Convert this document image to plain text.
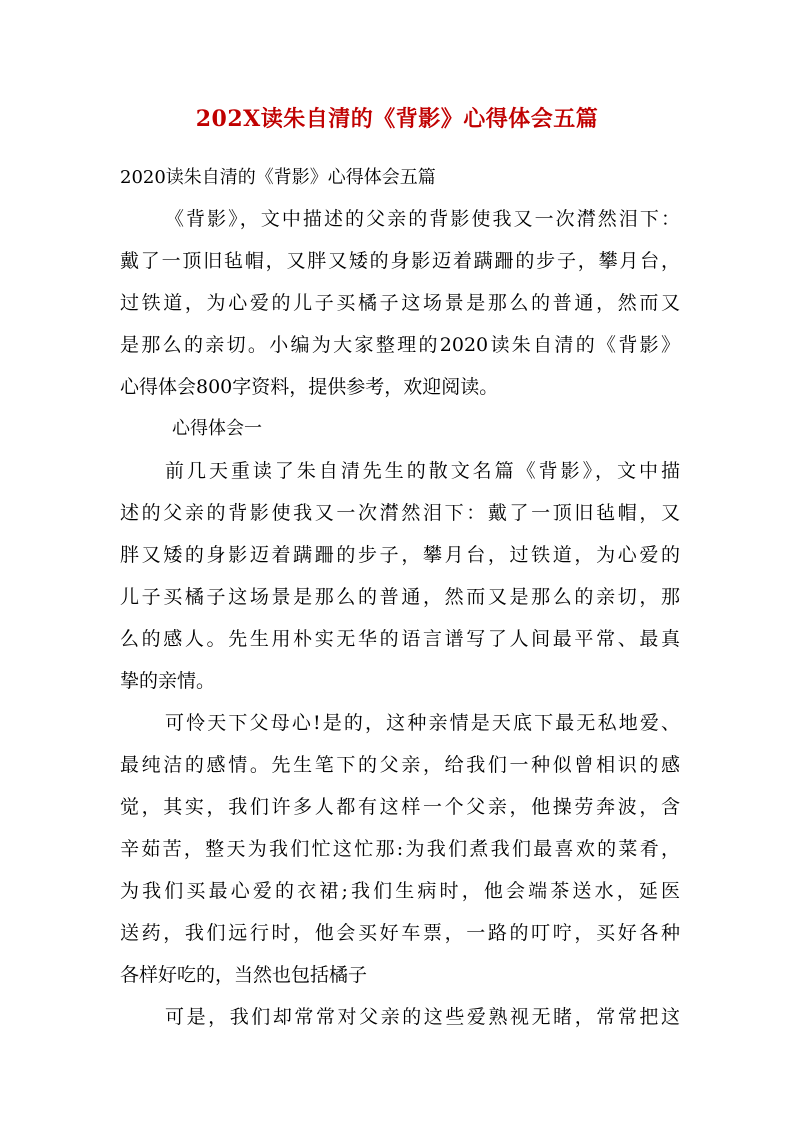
202X读朱自清的《背影》心得体会五篇
2020读朱自清的《背影》心得体会五篇
《背影》，文中描述的父亲的背影使我又一次潸然泪下：
戴了一顶旧毡帽，又胖又矮的身影迈着蹒跚的步子，攀月台，
过铁道，为心爱的儿子买橘子这场景是那么的普通，然而又
是那么的亲切。小编为大家整理的2020读朱自清的《背影》
心得体会800字资料，提供参考，欢迎阅读。
心得体会一
前几天重读了朱自清先生的散文名篇《背影》，文中描
述的父亲的背影使我又一次潸然泪下：戴了一顶旧毡帽，又
胖又矮的身影迈着蹒跚的步子，攀月台，过铁道，为心爱的
儿子买橘子这场景是那么的普通，然而又是那么的亲切，那
么的感人。先生用朴实无华的语言谱写了人间最平常、最真
挚的亲情。
可怜天下父母心!是的，这种亲情是天底下最无私地爱、
最纯洁的感情。先生笔下的父亲，给我们一种似曾相识的感
觉，其实，我们许多人都有这样一个父亲，他操劳奔波，含
辛茹苦，整天为我们忙这忙那:为我们煮我们最喜欢的菜肴，
为我们买最心爱的衣裙;我们生病时，他会端茶送水，延医
送药，我们远行时，他会买好车票，一路的叮咛，买好各种
各样好吃的，当然也包括橘子
可是，我们却常常对父亲的这些爱熟视无睹，常常把这
